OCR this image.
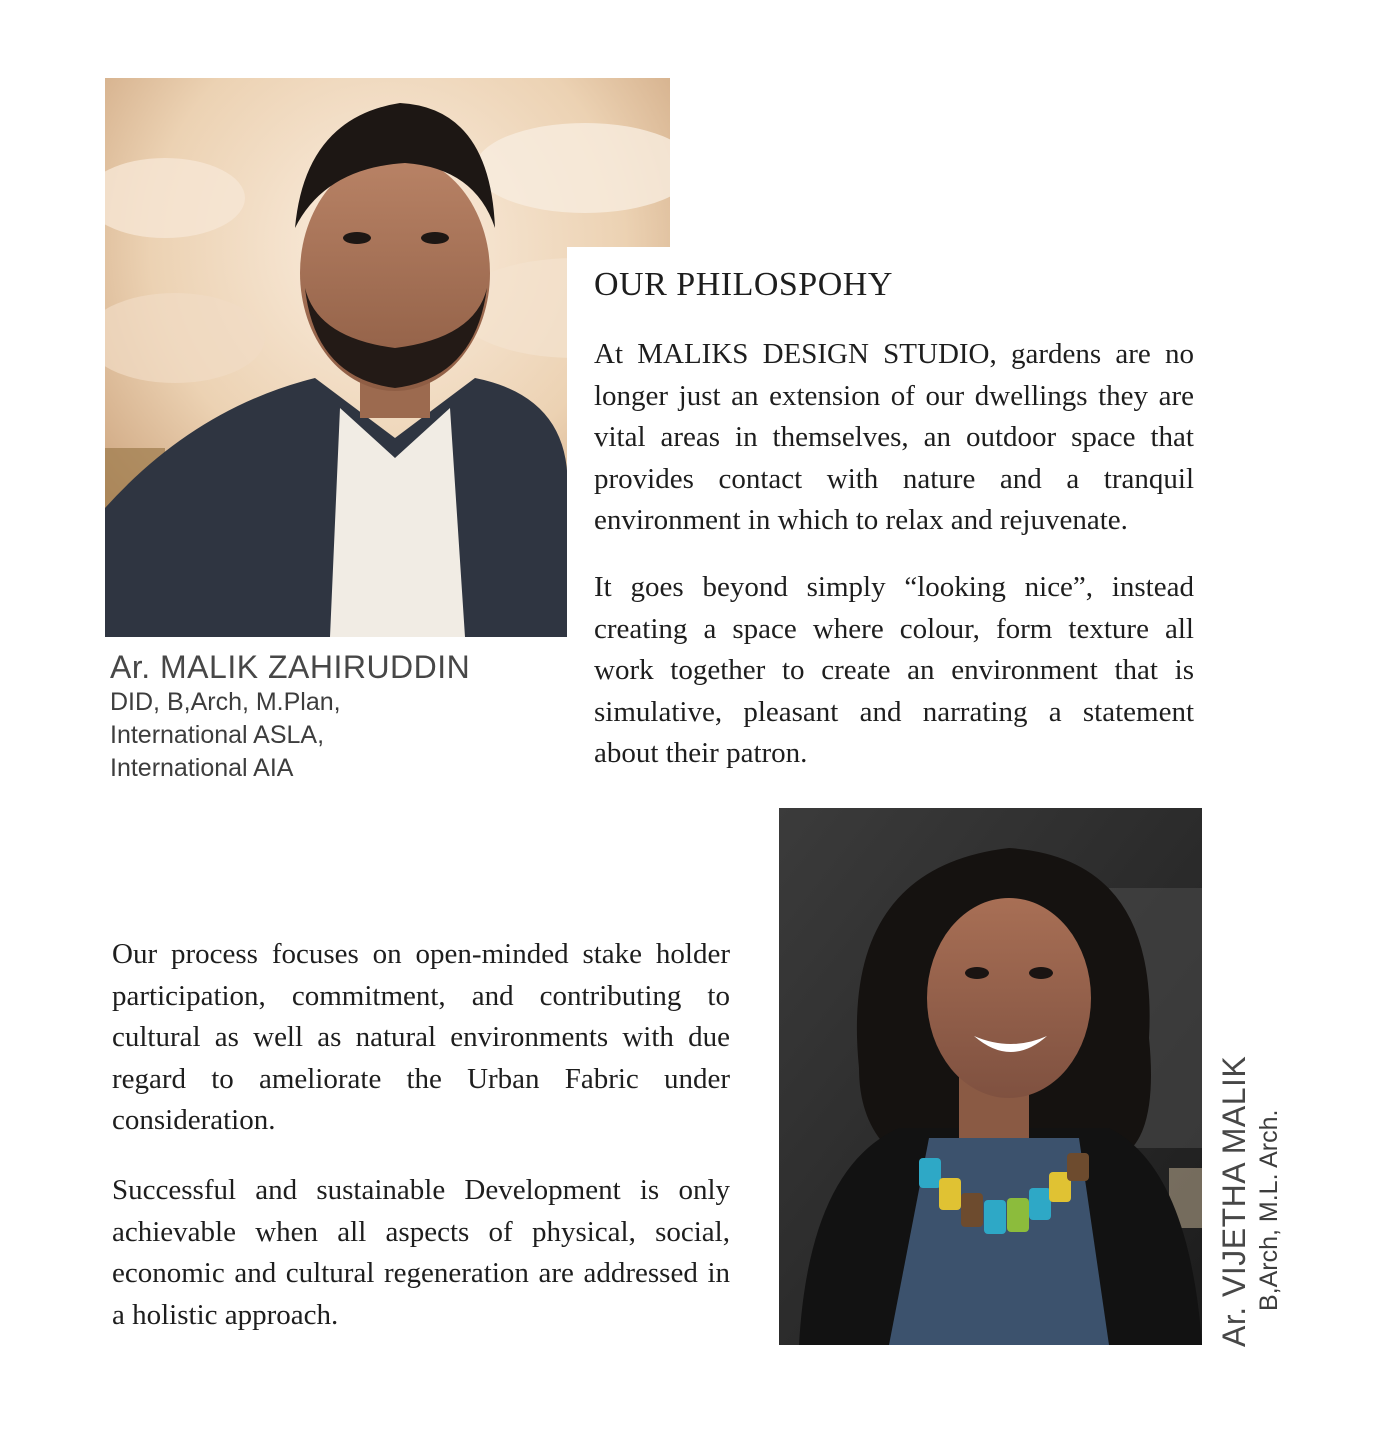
Ar. MALIK ZAHIRUDDIN
DID, B,Arch, M.Plan,
International ASLA,
International AIA
OUR PHILOSPOHY

At MALIKS DESIGN STUDIO, gardens are no longer just an extension of our dwellings they are vital areas in themselves, an outdoor space that provides contact with nature and a tranquil environment in which to relax and rejuvenate.

It goes beyond simply “looking nice”, instead creating a space where colour, form texture all work together to create an environment that is simulative, pleasant and narrating a statement about their patron.

Our process focuses on open-minded stake holder participation, commitment, and contributing to cultural as well as natural environments with due regard to ameliorate the Urban Fabric under consideration.

Successful and sustainable Development is only achievable when all aspects of physical, social, economic and cultural regeneration are addressed in a holistic approach.	Ar. VIJETHA MALIK B,Arch, M.L. Arch.
